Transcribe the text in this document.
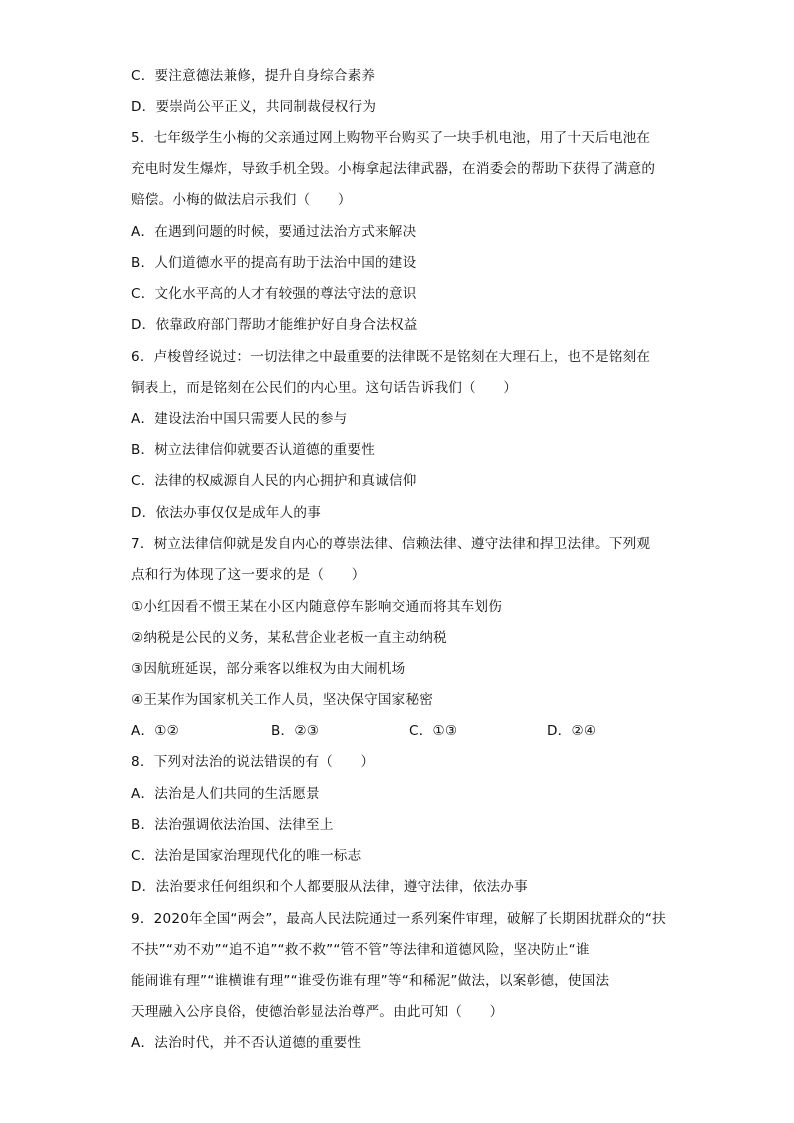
C．要注意德法兼修，提升自身综合素养
D．要崇尚公平正义，共同制裁侵权行为
5．七年级学生小梅的父亲通过网上购物平台购买了一块手机电池，用了十天后电池在
充电时发生爆炸，导致手机全毁。小梅拿起法律武器，在消委会的帮助下获得了满意的
赔偿。小梅的做法启示我们（　　）
A．在遇到问题的时候，要通过法治方式来解决
B．人们道德水平的提高有助于法治中国的建设
C．文化水平高的人才有较强的尊法守法的意识
D．依靠政府部门帮助才能维护好自身合法权益
6．卢梭曾经说过：一切法律之中最重要的法律既不是铭刻在大理石上，也不是铭刻在
铜表上，而是铭刻在公民们的内心里。这句话告诉我们（　　）
A．建设法治中国只需要人民的参与
B．树立法律信仰就要否认道德的重要性
C．法律的权威源自人民的内心拥护和真诚信仰
D．依法办事仅仅是成年人的事
7．树立法律信仰就是发自内心的尊崇法律、信赖法律、遵守法律和捍卫法律。下列观
点和行为体现了这一要求的是（　　）
①小红因看不惯王某在小区内随意停车影响交通而将其车划伤
②纳税是公民的义务，某私营企业老板一直主动纳税
③因航班延误，部分乘客以维权为由大闹机场
④王某作为国家机关工作人员，坚决保守国家秘密
A．①②	B．②③	C．①③	D．②④
8．下列对法治的说法错误的有（　　）
A．法治是人们共同的生活愿景
B．法治强调依法治国、法律至上
C．法治是国家治理现代化的唯一标志
D．法治要求任何组织和个人都要服从法律，遵守法律，依法办事
9．2020年全国“两会”，最高人民法院通过一系列案件审理，破解了长期困扰群众的“扶
不扶”“劝不劝”“追不追”“救不救”“管不管”等法律和道德风险，坚决防止“谁
能闹谁有理”“谁横谁有理”“谁受伤谁有理”等“和稀泥”做法，以案彰德，使国法
天理融入公序良俗，使德治彰显法治尊严。由此可知（　　）
A．法治时代，并不否认道德的重要性
